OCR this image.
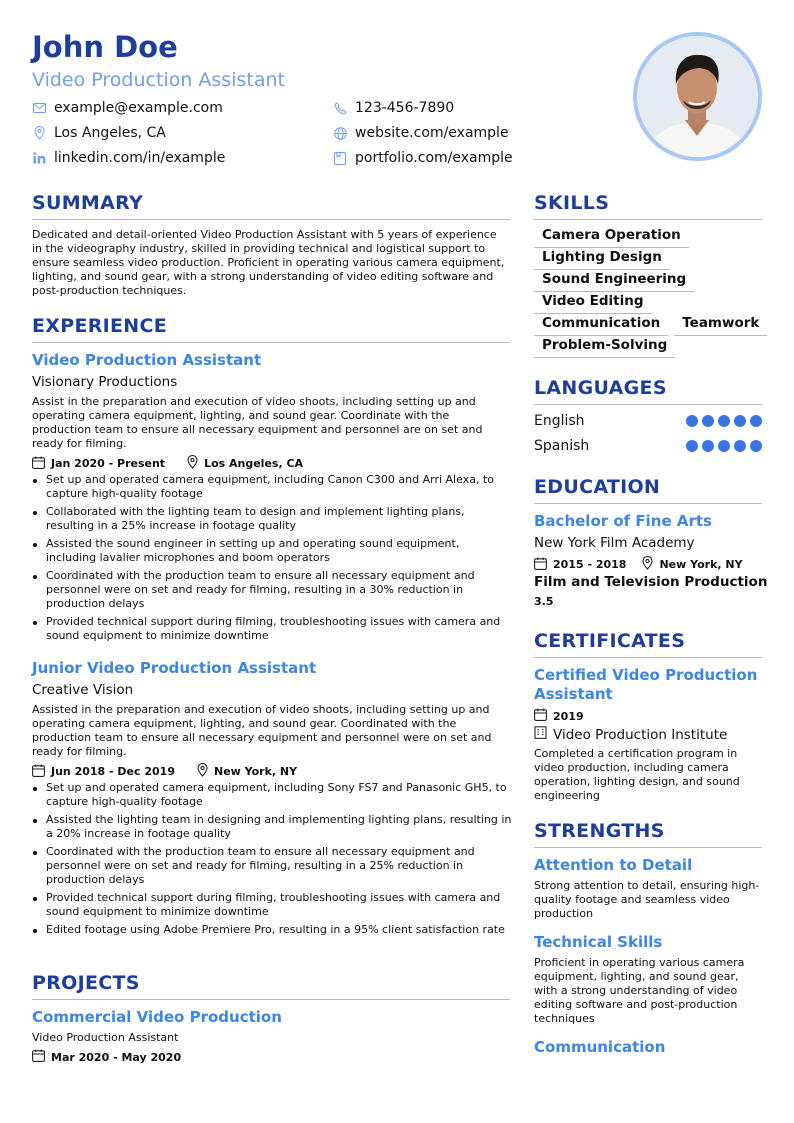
John Doe
Video Production Assistant
example@example.com	123-456-7890
Los Angeles, CA	website.com/example
linkedin.com/in/example	portfolio.com/example
SUMMARY
Dedicated and detail-oriented Video Production Assistant with 5 years of experience in the videography industry, skilled in providing technical and logistical support to ensure seamless video production. Proficient in operating various camera equipment, lighting, and sound gear, with a strong understanding of video editing software and post-production techniques.
EXPERIENCE
Video Production Assistant
Visionary Productions
Assist in the preparation and execution of video shoots, including setting up and operating camera equipment, lighting, and sound gear. Coordinate with the production team to ensure all necessary equipment and personnel are on set and ready for filming.
Jan 2020 - Present	Los Angeles, CA
Set up and operated camera equipment, including Canon C300 and Arri Alexa, to capture high-quality footage
Collaborated with the lighting team to design and implement lighting plans, resulting in a 25% increase in footage quality
Assisted the sound engineer in setting up and operating sound equipment, including lavalier microphones and boom operators
Coordinated with the production team to ensure all necessary equipment and personnel were on set and ready for filming, resulting in a 30% reduction in production delays
Provided technical support during filming, troubleshooting issues with camera and sound equipment to minimize downtime
Junior Video Production Assistant
Creative Vision
Assisted in the preparation and execution of video shoots, including setting up and operating camera equipment, lighting, and sound gear. Coordinated with the production team to ensure all necessary equipment and personnel were on set and ready for filming.
Jun 2018 - Dec 2019	New York, NY
Set up and operated camera equipment, including Sony FS7 and Panasonic GH5, to capture high-quality footage
Assisted the lighting team in designing and implementing lighting plans, resulting in a 20% increase in footage quality
Coordinated with the production team to ensure all necessary equipment and personnel were on set and ready for filming, resulting in a 25% reduction in production delays
Provided technical support during filming, troubleshooting issues with camera and sound equipment to minimize downtime
Edited footage using Adobe Premiere Pro, resulting in a 95% client satisfaction rate
PROJECTS
Commercial Video Production
Video Production Assistant
Mar 2020 - May 2020
SKILLS
Camera Operation
Lighting Design
Sound Engineering
Video Editing
Communication	Teamwork
Problem-Solving
LANGUAGES
English
Spanish
EDUCATION
Bachelor of Fine Arts
New York Film Academy
2015 - 2018	New York, NY
Film and Television Production
3.5
CERTIFICATES
Certified Video Production Assistant
2019
Video Production Institute
Completed a certification program in video production, including camera operation, lighting design, and sound engineering
STRENGTHS
Attention to Detail
Strong attention to detail, ensuring high-quality footage and seamless video production
Technical Skills
Proficient in operating various camera equipment, lighting, and sound gear, with a strong understanding of video editing software and post-production techniques
Communication
